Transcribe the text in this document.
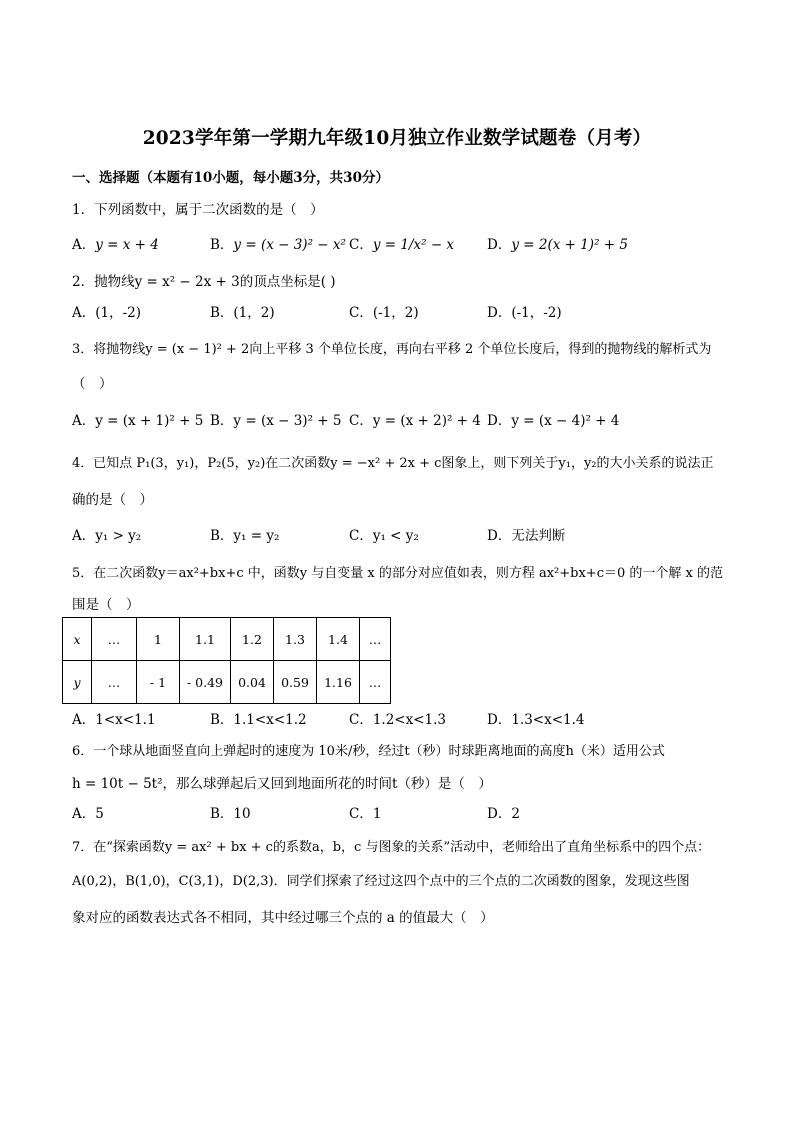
2023学年第一学期九年级10月独立作业数学试题卷（月考）
一、选择题（本题有10小题，每小题3分，共30分）
1．下列函数中，属于二次函数的是（　）
A．y = x + 4	B．y = (x − 3)² − x² C．y = 1/x² − x D．y = 2(x + 1)² + 5
2．抛物线y = x² − 2x + 3的顶点坐标是( )
A．(1，-2)	B．(1，2)	C．(-1，2)	D．(-1，-2)
3．将抛物线y = (x − 1)² + 2向上平移 3 个单位长度，再向右平移 2 个单位长度后，得到的抛物线的解析式为
（　）
A．y = (x + 1)² + 5 B．y = (x − 3)² + 5 C．y = (x + 2)² + 4 D．y = (x − 4)² + 4
4．已知点 P₁(3，y₁)，P₂(5，y₂)在二次函数y = −x² + 2x + c图象上，则下列关于y₁，y₂的大小关系的说法正
确的是（　）
A．y₁ > y₂	B．y₁ = y₂	C．y₁ < y₂	D．无法判断
5．在二次函数y＝ax²+bx+c 中，函数y 与自变量 x 的部分对应值如表，则方程 ax²+bx+c＝0 的一个解 x 的范
围是（　）
x	…	1	1.1	1.2	1.3	1.4	…
y	…	- 1	- 0.49	0.04	0.59	1.16	…
A．1<x<1.1	B．1.1<x<1.2	C．1.2<x<1.3	D．1.3<x<1.4
6．一个球从地面竖直向上弹起时的速度为 10米/秒，经过t（秒）时球距离地面的高度h（米）适用公式
h = 10t − 5t²，那么球弹起后又回到地面所花的时间t（秒）是（　）
A．5	B．10	C．1	D．2
7．在“探索函数y = ax² + bx + c的系数a，b，c 与图象的关系”活动中，老师给出了直角坐标系中的四个点：
A(0,2)，B(1,0)，C(3,1)，D(2,3)．同学们探索了经过这四个点中的三个点的二次函数的图象，发现这些图
象对应的函数表达式各不相同，其中经过哪三个点的 a 的值最大（　）
